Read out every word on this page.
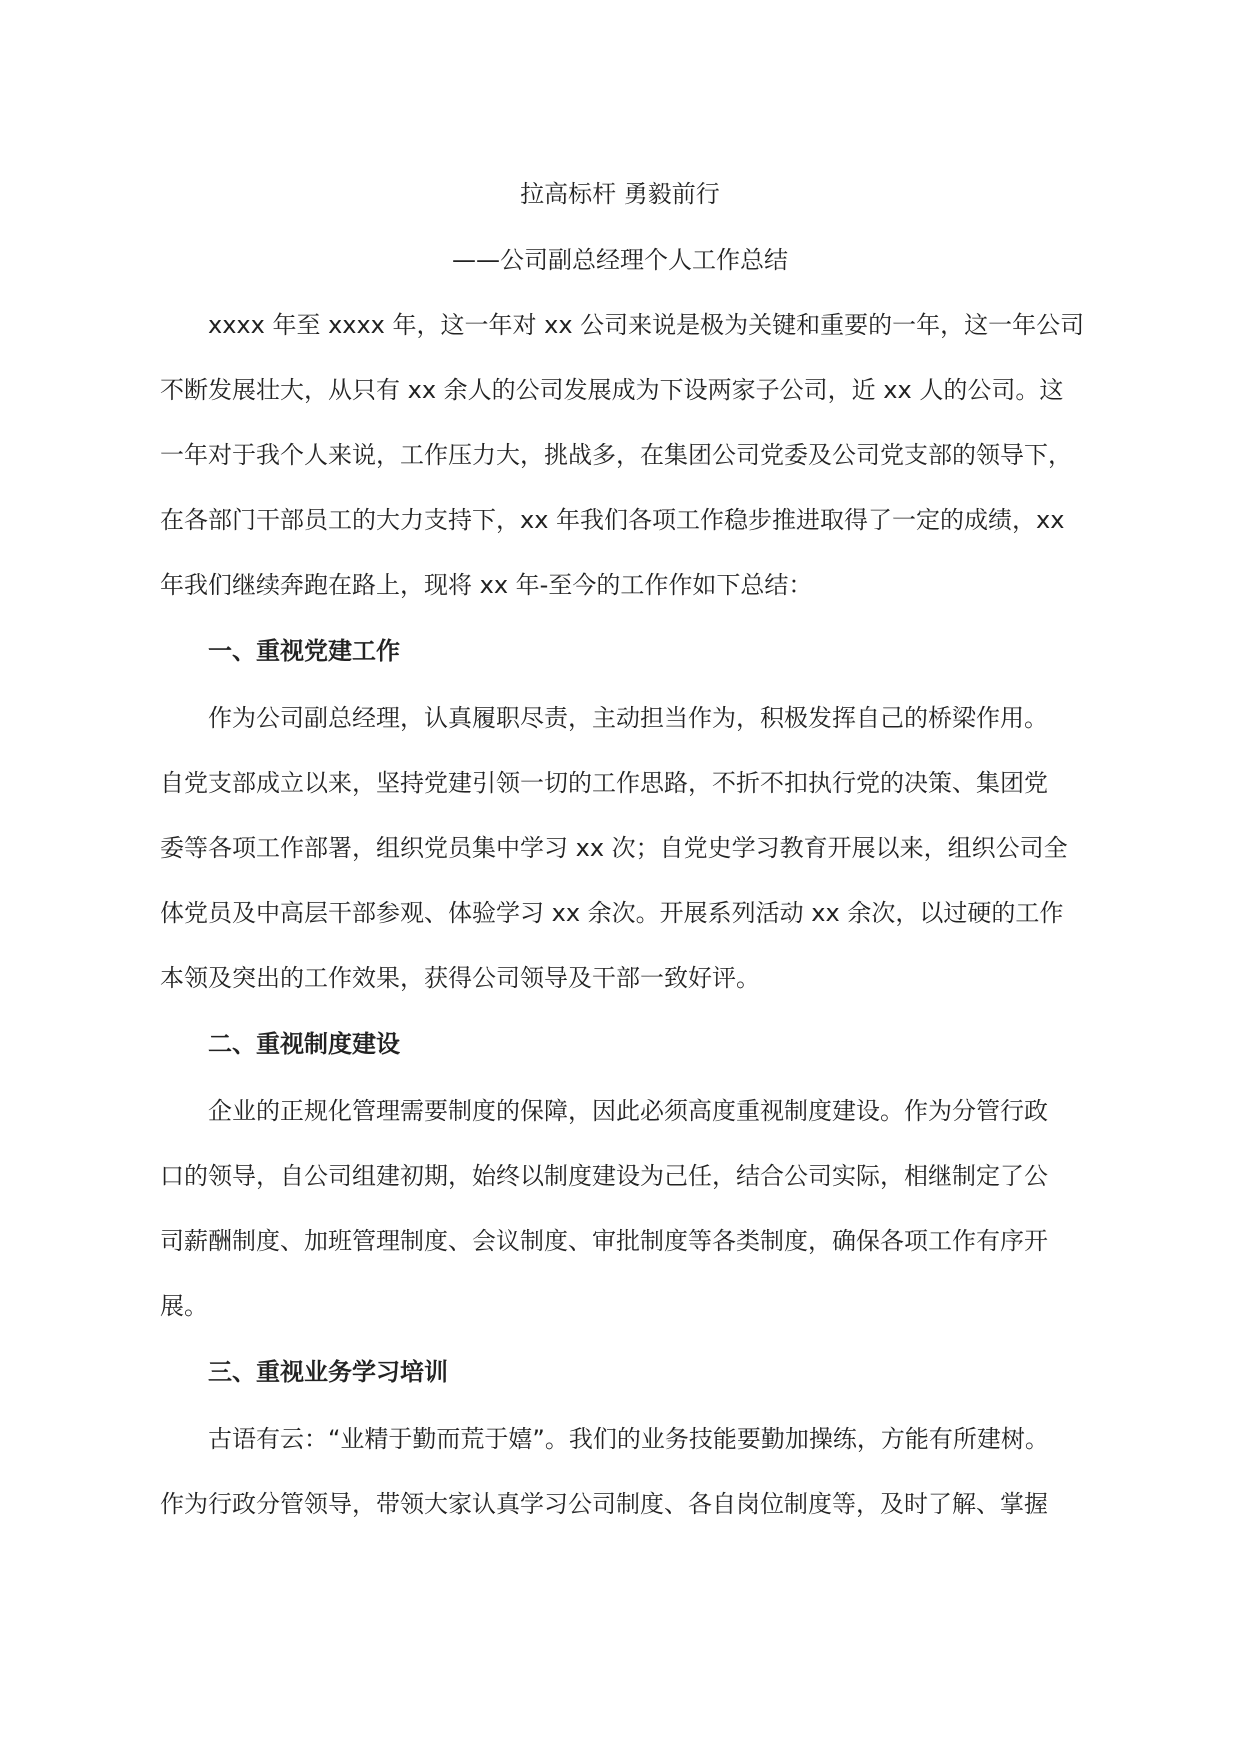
拉高标杆 勇毅前行
——公司副总经理个人工作总结
xxxx 年至 xxxx 年，这一年对 xx 公司来说是极为关键和重要的一年，这一年公司
不断发展壮大，从只有 xx 余人的公司发展成为下设两家子公司，近 xx 人的公司。这
一年对于我个人来说，工作压力大，挑战多，在集团公司党委及公司党支部的领导下，
在各部门干部员工的大力支持下，xx 年我们各项工作稳步推进取得了一定的成绩，xx
年我们继续奔跑在路上，现将 xx 年-至今的工作作如下总结：
一、重视党建工作
作为公司副总经理，认真履职尽责，主动担当作为，积极发挥自己的桥梁作用。
自党支部成立以来，坚持党建引领一切的工作思路，不折不扣执行党的决策、集团党
委等各项工作部署，组织党员集中学习 xx 次；自党史学习教育开展以来，组织公司全
体党员及中高层干部参观、体验学习 xx 余次。开展系列活动 xx 余次，以过硬的工作
本领及突出的工作效果，获得公司领导及干部一致好评。
二、重视制度建设
企业的正规化管理需要制度的保障，因此必须高度重视制度建设。作为分管行政
口的领导，自公司组建初期，始终以制度建设为己任，结合公司实际，相继制定了公
司薪酬制度、加班管理制度、会议制度、审批制度等各类制度，确保各项工作有序开
展。
三、重视业务学习培训
古语有云：“业精于勤而荒于嬉”。我们的业务技能要勤加操练，方能有所建树。
作为行政分管领导，带领大家认真学习公司制度、各自岗位制度等，及时了解、掌握
